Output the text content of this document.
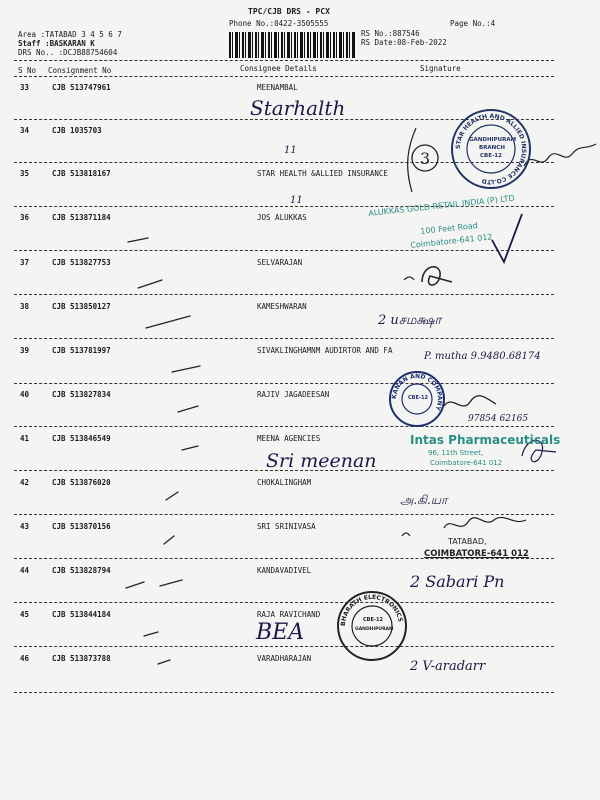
TPC/CJB DRS - PCX
Phone No.:0422-3505555	Page No.:4
Area :TATABAD 3 4 5 6 7
Staff :BASKARAN K
DRS No.. :DCJB88754604
RS No.:887546
RS Date:08-Feb-2022
S No Consignment No	Consignee Details	Signature
33	CJB 513747961	MEENAMBAL
34	CJB 1035703
35	CJB 513818167	STAR HEALTH &ALLIED INSURANCE
36	CJB 513871184	JOS ALUKKAS
37	CJB 513827753	SELVARAJAN
38	CJB 513850127	KAMESHWARAN
39	CJB 513781997	SIVAKLINGHAMNM AUDIRTOR AND FA
40	CJB 513827834	RAJIV JAGADEESAN
41	CJB 513846549	MEENA AGENCIES
42	CJB 513876020	CHOKALINGHAM
43	CJB 513870156	SRI SRINIVASA
44	CJB 513828794	KANDAVADIVEL
45	CJB 513844184	RAJA RAVICHAND
46	CJB 513873788	VARADHARAJAN
Starhalth
11
11
Sri meenan
BEA
3
2 uசமக்ஷா
P. mutha 9.9480.68174
97854 62165
அ.கி.யா
2 Sabari Pn
2 V-aradarr
STAR HEALTH AND ALLIED INSURANCE CO.LTD
GANDHIPURAM
BRANCH
CBE-12
ALUKKAS GOLD RETAIL INDIA (P) LTD
100 Feet Road
Coimbatore-641 012
KANAN AND COMPANY
CBE-12
Intas Pharmaceuticals
96, 11th Street,
Coimbatore-641 012
TATABAD,
COIMBATORE-641 012
BHARATH ELECTRONICS
CBE-12
GANDHIPURAM
